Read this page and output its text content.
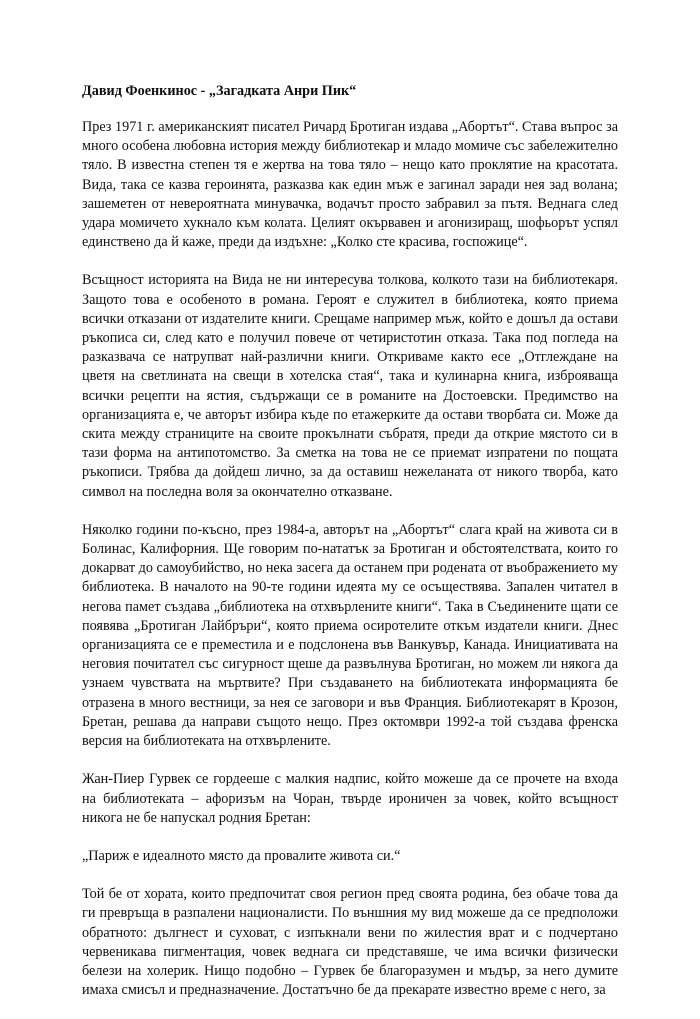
Давид Фоенкинос - „Загадката Анри Пик“

През 1971 г. американският писател Ричард Бротиган издава „Абортът“. Става въпрос за много особена любовна история между библиотекар и младо момиче със забележително тяло. В известна степен тя е жертва на това тяло – нещо като проклятие на красотата. Вида, така се казва героинята, разказва как един мъж е загинал заради нея зад волана; зашеметен от невероятната минувачка, водачът просто забравил за пътя. Веднага след удара момичето хукнало към колата. Целият окървавен и агонизиращ, шофьорът успял единствено да й каже, преди да издъхне: „Колко сте красива, госпожице“.

Всъщност историята на Вида не ни интересува толкова, колкото тази на библиотекаря. Защото това е особеното в романа. Героят е служител в библиотека, която приема всички отказани от издателите книги. Срещаме например мъж, който е дошъл да остави ръкописа си, след като е получил повече от четиристотин отказа. Така под погледа на разказвача се натрупват най-различни книги. Откриваме както есе „Отглеждане на цветя на светлината на свещи в хотелска стая“, така и кулинарна книга, изброяваща всички рецепти на ястия, съдържащи се в романите на Достоевски. Предимство на организацията е, че авторът избира къде по етажерките да остави творбата си. Може да скита между страниците на своите прокълнати събратя, преди да открие мястото си в тази форма на антипотомство. За сметка на това не се приемат изпратени по пощата ръкописи. Трябва да дойдеш лично, за да оставиш нежеланата от никого творба, като символ на последна воля за окончателно отказване.

Няколко години по-късно, през 1984-а, авторът на „Абортът“ слага край на живота си в Болинас, Калифорния. Ще говорим по-нататък за Бротиган и обстоятелствата, които го докарват до самоубийство, но нека засега да останем при родената от въображението му библиотека. В началото на 90-те години идеята му се осъществява. Запален читател в негова памет създава „библиотека на отхвърлените книги“. Така в Съединените щати се появява „Бротиган Лайбръри“, която приема осиротелите откъм издатели книги. Днес организацията се е преместила и е подслонена във Ванкувър, Канада. Инициативата на неговия почитател със сигурност щеше да развълнува Бротиган, но можем ли някога да узнаем чувствата на мъртвите? При създаването на библиотеката информацията бе отразена в много вестници, за нея се заговори и във Франция. Библиотекарят в Крозон, Бретан, решава да направи същото нещо. През октомври 1992-а той създава френска версия на библиотеката на отхвърлените.

Жан-Пиер Гурвек се гордееше с малкия надпис, който можеше да се прочете на входа на библиотеката – афоризъм на Чоран, твърде ироничен за човек, който всъщност никога не бе напускал родния Бретан:

„Париж е идеалното място да провалите живота си.“

Той бе от хората, които предпочитат своя регион пред своята родина, без обаче това да ги превръща в разпалени националисти. По външния му вид можеше да се предположи обратното: дългнест и суховат, с изпъкнали вени по жилестия врат и с подчертано червеникава пигментация, човек веднага си представяше, че има всички физически белези на холерик. Нищо подобно – Гурвек бе благоразумен и мъдър, за него думите имаха смисъл и предназначение. Достатъчно бе да прекарате известно време с него, за
